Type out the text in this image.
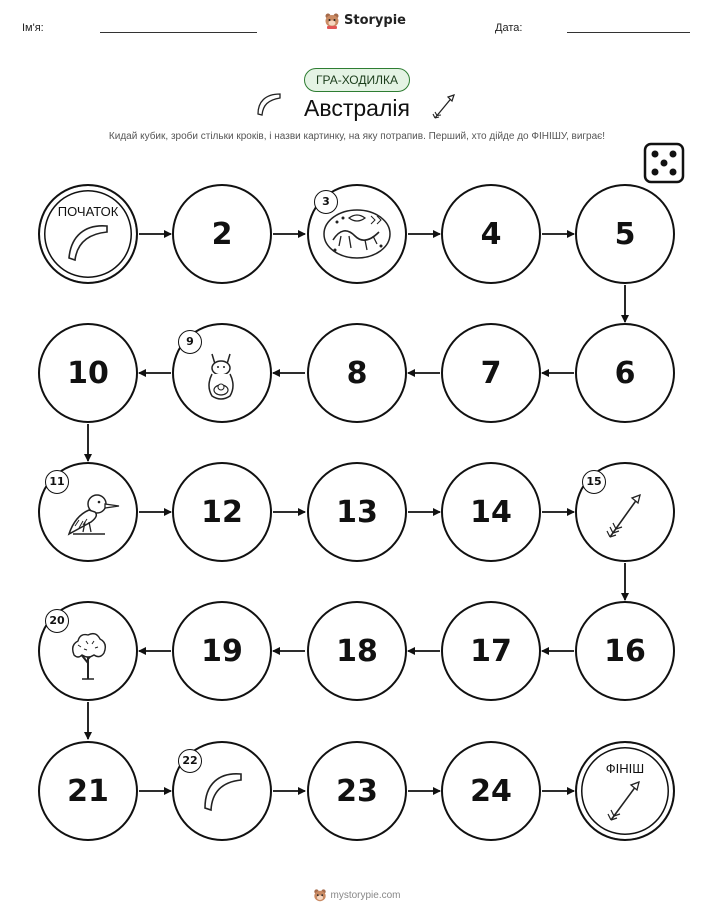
Ім'я:	Storypie	Дата:
ГРА-ХОДИЛКА
Австралія
Кидай кубик, зроби стільки кроків, і назви картинку, на яку потрапив. Перший, хто дійде до ФІНІШУ, виграє!
ПОЧАТОК
2
3
4	5
10
9
8	7	6
11
12	13	14
15
20
19	18	17	16
21
22
23	24
ФІНІШ
mystorypie.com
